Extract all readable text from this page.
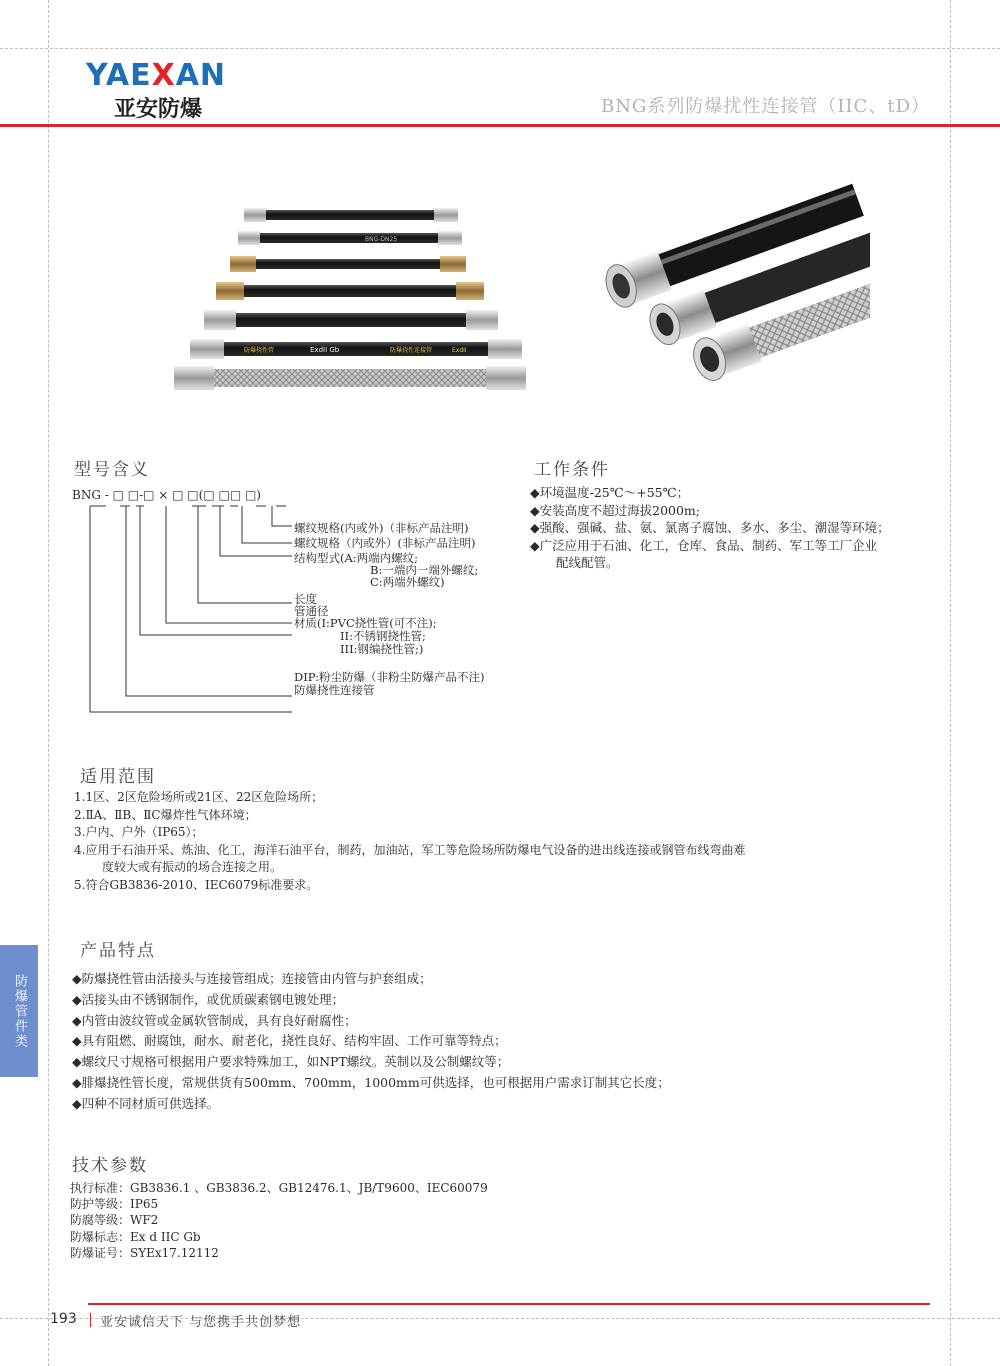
YAEXAN
亚安防爆	BNG系列防爆扰性连接管（IIC、tD）
BNG-DN25
防爆挠性管	ExdII Gb	防爆挠性连接管	ExdII
型号含义
BNG - □ □-□ × □ □(□ □□ □)
螺纹规格(内或外)（非标产品注明)
螺纹规格（内或外）(非标产品注明)
结构型式(A:两端内螺纹;
B:一端内一端外螺纹;
C:两端外螺纹)
长度
管通径
材质(I:PVC挠性管(可不注);
II:不锈钢挠性管;
III:钢编挠性管;)
DIP:粉尘防爆（非粉尘防爆产品不注)
防爆挠性连接管
工作条件
◆环境温度-25℃～+55℃；
◆安装高度不超过海拔2000m;
◆强酸、强碱、盐、氨、氯离子腐蚀、多水、多尘、潮湿等环境；
◆广泛应用于石油、化工，仓库、食品、制药、军工等工厂企业
配线配管。
适用范围
1.1区、2区危险场所或21区、22区危险场所；
2.ⅡA、ⅡB、ⅡC爆炸性气体环境；
3.户内、户外（IP65）；
4.应用于石油开采、炼油、化工，海洋石油平台，制药，加油站，军工等危险场所防爆电气设备的进出线连接或钢管布线弯曲难
度较大或有振动的场合连接之用。
5.符合GB3836-2010、IEC6079标准要求。
产品特点
◆防爆挠性管由活接头与连接管组成；连接管由内管与护套组成；
◆活接头由不锈钢制作，或优质碳素钢电镀处理；
◆内管由波纹管或金属软管制成，具有良好耐腐性；
◆具有阻燃、耐腐蚀，耐水、耐老化，挠性良好、结构牢固、工作可靠等特点；
◆螺纹尺寸规格可根据用户要求特殊加工，如NPT螺纹。英制以及公制螺纹等；
◆腓爆挠性管长度，常规供货有500mm、700mm，1000mm可供选择，也可根据用户需求订制其它长度；
◆四种不同材质可供选择。
技术参数
执行标准：GB3836.1 、GB3836.2、GB12476.1、JB/T9600、IEC60079
防护等级：IP65
防腐等级：WF2
防爆标志：Ex d IIC Gb
防爆证号：SYEx17.12112
防爆管件类
193 亚安诚信天下 与您携手共创梦想
